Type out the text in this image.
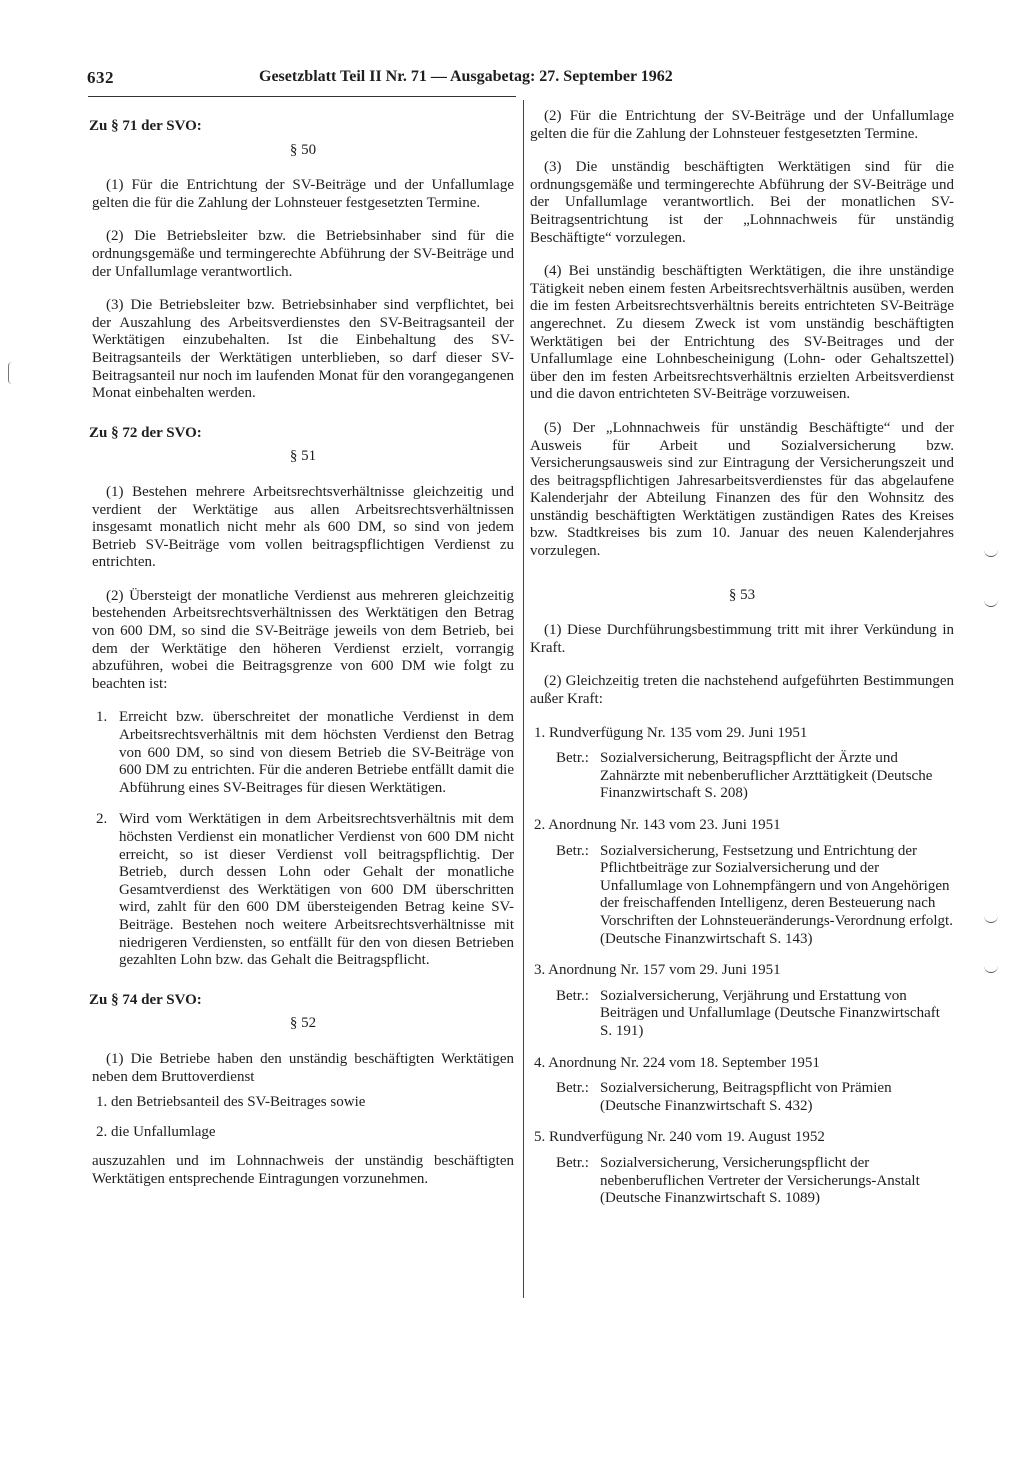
632	Gesetzblatt Teil II Nr. 71 — Ausgabetag: 27. September 1962
Zu § 71 der SVO:
§ 50

(1) Für die Entrichtung der SV-Beiträge und der Unfallumlage gelten die für die Zahlung der Lohnsteuer festgesetzten Termine.

(2) Die Betriebsleiter bzw. die Betriebsinhaber sind für die ordnungsgemäße und termingerechte Abführung der SV-Beiträge und der Unfallumlage verantwortlich.

(3) Die Betriebsleiter bzw. Betriebsinhaber sind verpflichtet, bei der Auszahlung des Arbeitsverdienstes den SV-Beitragsanteil der Werktätigen einzubehalten. Ist die Einbehaltung des SV-Beitragsanteils der Werktätigen unterblieben, so darf dieser SV-Beitragsanteil nur noch im laufenden Monat für den vorangegangenen Monat einbehalten werden.

Zu § 72 der SVO:
§ 51

(1) Bestehen mehrere Arbeitsrechtsverhältnisse gleichzeitig und verdient der Werktätige aus allen Arbeitsrechtsverhältnissen insgesamt monatlich nicht mehr als 600 DM, so sind von jedem Betrieb SV-Beiträge vom vollen beitragspflichtigen Verdienst zu entrichten.

(2) Übersteigt der monatliche Verdienst aus mehreren gleichzeitig bestehenden Arbeitsrechtsverhältnissen des Werktätigen den Betrag von 600 DM, so sind die SV-Beiträge jeweils von dem Betrieb, bei dem der Werktätige den höheren Verdienst erzielt, vorrangig abzuführen, wobei die Beitragsgrenze von 600 DM wie folgt zu beachten ist:

1. Erreicht bzw. überschreitet der monatliche Verdienst in dem Arbeitsrechtsverhältnis mit dem höchsten Verdienst den Betrag von 600 DM, so sind von diesem Betrieb die SV-Beiträge von 600 DM zu entrichten. Für die anderen Betriebe entfällt damit die Abführung eines SV-Beitrages für diesen Werktätigen.
2. Wird vom Werktätigen in dem Arbeitsrechtsverhältnis mit dem höchsten Verdienst ein monatlicher Verdienst von 600 DM nicht erreicht, so ist dieser Verdienst voll beitragspflichtig. Der Betrieb, durch dessen Lohn oder Gehalt der monatliche Gesamtverdienst des Werktätigen von 600 DM überschritten wird, zahlt für den 600 DM übersteigenden Betrag keine SV-Beiträge. Bestehen noch weitere Arbeitsrechtsverhältnisse mit niedrigeren Verdiensten, so entfällt für den von diesen Betrieben gezahlten Lohn bzw. das Gehalt die Beitragspflicht.
Zu § 74 der SVO:
§ 52

(1) Die Betriebe haben den unständig beschäftigten Werktätigen neben dem Bruttoverdienst

1. den Betriebsanteil des SV-Beitrages sowie
2. die Unfallumlage

auszuzahlen und im Lohnnachweis der unständig beschäftigten Werktätigen entsprechende Eintragungen vorzunehmen.

(2) Für die Entrichtung der SV-Beiträge und der Unfallumlage gelten die für die Zahlung der Lohnsteuer festgesetzten Termine.

(3) Die unständig beschäftigten Werktätigen sind für die ordnungsgemäße und termingerechte Abführung der SV-Beiträge und der Unfallumlage verantwortlich. Bei der monatlichen SV-Beitragsentrichtung ist der „Lohnnachweis für unständig Beschäftigte“ vorzulegen.

(4) Bei unständig beschäftigten Werktätigen, die ihre unständige Tätigkeit neben einem festen Arbeitsrechtsverhältnis ausüben, werden die im festen Arbeitsrechtsverhältnis bereits entrichteten SV-Beiträge angerechnet. Zu diesem Zweck ist vom unständig beschäftigten Werktätigen bei der Entrichtung des SV-Beitrages und der Unfallumlage eine Lohnbescheinigung (Lohn- oder Gehaltszettel) über den im festen Arbeitsrechtsverhältnis erzielten Arbeitsverdienst und die davon entrichteten SV-Beiträge vorzuweisen.

(5) Der „Lohnnachweis für unständig Beschäftigte“ und der Ausweis für Arbeit und Sozialversicherung bzw. Versicherungsausweis sind zur Eintragung der Versicherungszeit und des beitragspflichtigen Jahresarbeitsverdienstes für das abgelaufene Kalenderjahr der Abteilung Finanzen des für den Wohnsitz des unständig beschäftigten Werktätigen zuständigen Rates des Kreises bzw. Stadtkreises bis zum 10. Januar des neuen Kalenderjahres vorzulegen.

§ 53

(1) Diese Durchführungsbestimmung tritt mit ihrer Verkündung in Kraft.

(2) Gleichzeitig treten die nachstehend aufgeführten Bestimmungen außer Kraft:

1. Rundverfügung Nr. 135 vom 29. Juni 1951
Betr.: Sozialversicherung, Beitragspflicht der Ärzte und Zahnärzte mit nebenberuflicher Arzttätigkeit (Deutsche Finanzwirtschaft S. 208)
2. Anordnung Nr. 143 vom 23. Juni 1951
Betr.: Sozialversicherung, Festsetzung und Entrichtung der Pflichtbeiträge zur Sozialversicherung und der Unfallumlage von Lohnempfängern und von Angehörigen der freischaffenden Intelligenz, deren Besteuerung nach Vorschriften der Lohnsteueränderungs-Verordnung erfolgt. (Deutsche Finanzwirtschaft S. 143)
3. Anordnung Nr. 157 vom 29. Juni 1951
Betr.: Sozialversicherung, Verjährung und Erstattung von Beiträgen und Unfallumlage (Deutsche Finanzwirtschaft S. 191)
4. Anordnung Nr. 224 vom 18. September 1951
Betr.: Sozialversicherung, Beitragspflicht von Prämien (Deutsche Finanzwirtschaft S. 432)
5. Rundverfügung Nr. 240 vom 19. August 1952
Betr.: Sozialversicherung, Versicherungspflicht der nebenberuflichen Vertreter der Versicherungs-Anstalt (Deutsche Finanzwirtschaft S. 1089)
